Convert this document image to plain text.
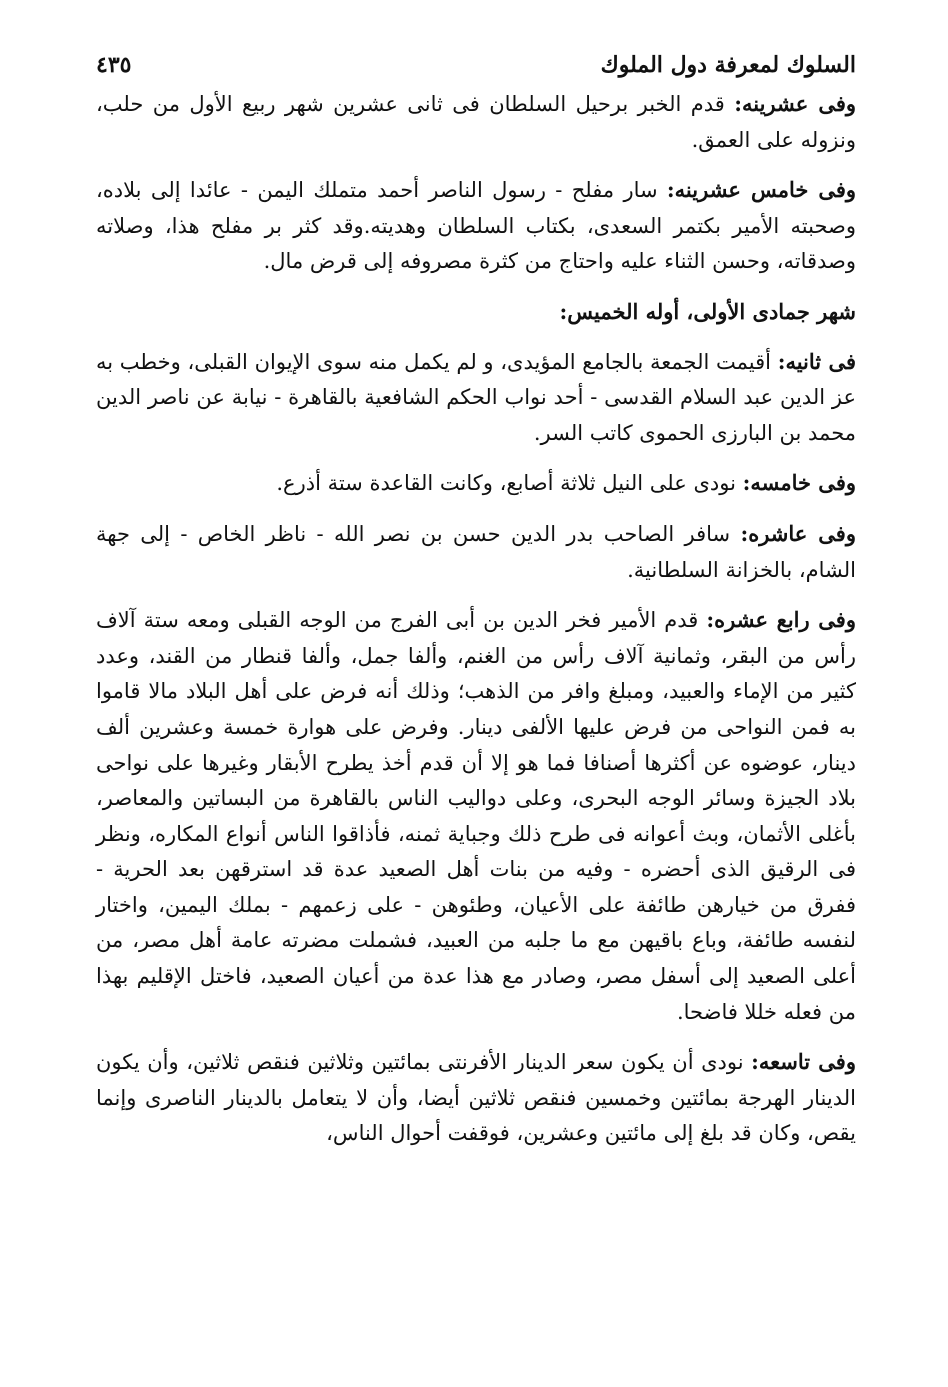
السلوك لمعرفة دول الملوك
٤٣٥

وفى عشرينه: قدم الخبر برحيل السلطان فى ثانى عشرين شهر ربيع الأول من حلب، ونزوله على العمق.

وفى خامس عشرينه: سار مفلح - رسول الناصر أحمد متملك اليمن - عائدا إلى بلاده، وصحبته الأمير بكتمر السعدى، بكتاب السلطان وهديته.وقد كثر بر مفلح هذا، وصلاته وصدقاته، وحسن الثناء عليه واحتاج من كثرة مصروفه إلى قرض مال.

شهر جمادى الأولى، أوله الخميس:

فى ثانيه: أقيمت الجمعة بالجامع المؤيدى، و لم يكمل منه سوى الإيوان القبلى، وخطب به عز الدين عبد السلام القدسى - أحد نواب الحكم الشافعية بالقاهرة - نيابة عن ناصر الدين محمد بن البارزى الحموى كاتب السر.

وفى خامسه: نودى على النيل ثلاثة أصابع، وكانت القاعدة ستة أذرع.

وفى عاشره: سافر الصاحب بدر الدين حسن بن نصر الله - ناظر الخاص - إلى جهة الشام، بالخزانة السلطانية.

وفى رابع عشره: قدم الأمير فخر الدين بن أبى الفرج من الوجه القبلى ومعه ستة آلاف رأس من البقر، وثمانية آلاف رأس من الغنم، وألفا جمل، وألفا قنطار من القند، وعدد كثير من الإماء والعبيد، ومبلغ وافر من الذهب؛ وذلك أنه فرض على أهل البلاد مالا قاموا به فمن النواحى من فرض عليها الألفى دينار. وفرض على هوارة خمسة وعشرين ألف دينار، عوضوه عن أكثرها أصنافا فما هو إلا أن قدم أخذ يطرح الأبقار وغيرها على نواحى بلاد الجيزة وسائر الوجه البحرى، وعلى دواليب الناس بالقاهرة من البساتين والمعاصر، بأغلى الأثمان، وبث أعوانه فى طرح ذلك وجباية ثمنه، فأذاقوا الناس أنواع المكاره، ونظر فى الرقيق الذى أحضره - وفيه من بنات أهل الصعيد عدة قد استرقهن بعد الحرية - ففرق من خيارهن طائفة على الأعيان، وطئوهن - على زعمهم - بملك اليمين، واختار لنفسه طائفة، وباع باقيهن مع ما جلبه من العبيد، فشملت مضرته عامة أهل مصر، من أعلى الصعيد إلى أسفل مصر، وصادر مع هذا عدة من أعيان الصعيد، فاختل الإقليم بهذا من فعله خللا فاضحا.

وفى تاسعه: نودى أن يكون سعر الدينار الأفرنتى بمائتين وثلاثين فنقص ثلاثين، وأن يكون الدينار الهرجة بمائتين وخمسين فنقص ثلاثين أيضا، وأن لا يتعامل بالدينار الناصرى وإنما يقص، وكان قد بلغ إلى مائتين وعشرين، فوقفت أحوال الناس،
